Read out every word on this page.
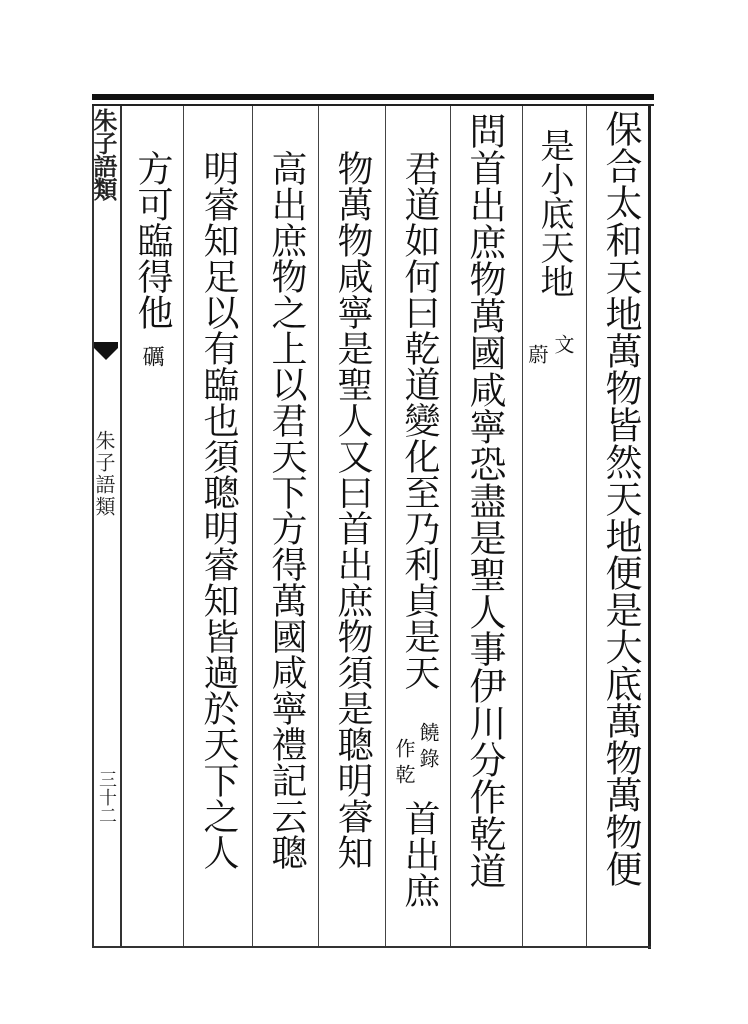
朱子語類
朱子語類
三十二	保合太和天地萬物皆然天地便是大底萬物萬物便
是小底天地
文
蔚
問首出庶物萬國咸寧恐盡是聖人事伊川分作乾道
君道如何曰乾道變化至乃利貞是天
饒錄
作乾
首出庶
物萬物咸寧是聖人又曰首出庶物須是聰明睿知
高出庶物之上以君天下方得萬國咸寧禮記云聰
明睿知足以有臨也須聰明睿知皆過於天下之人
方可臨得他
礪
